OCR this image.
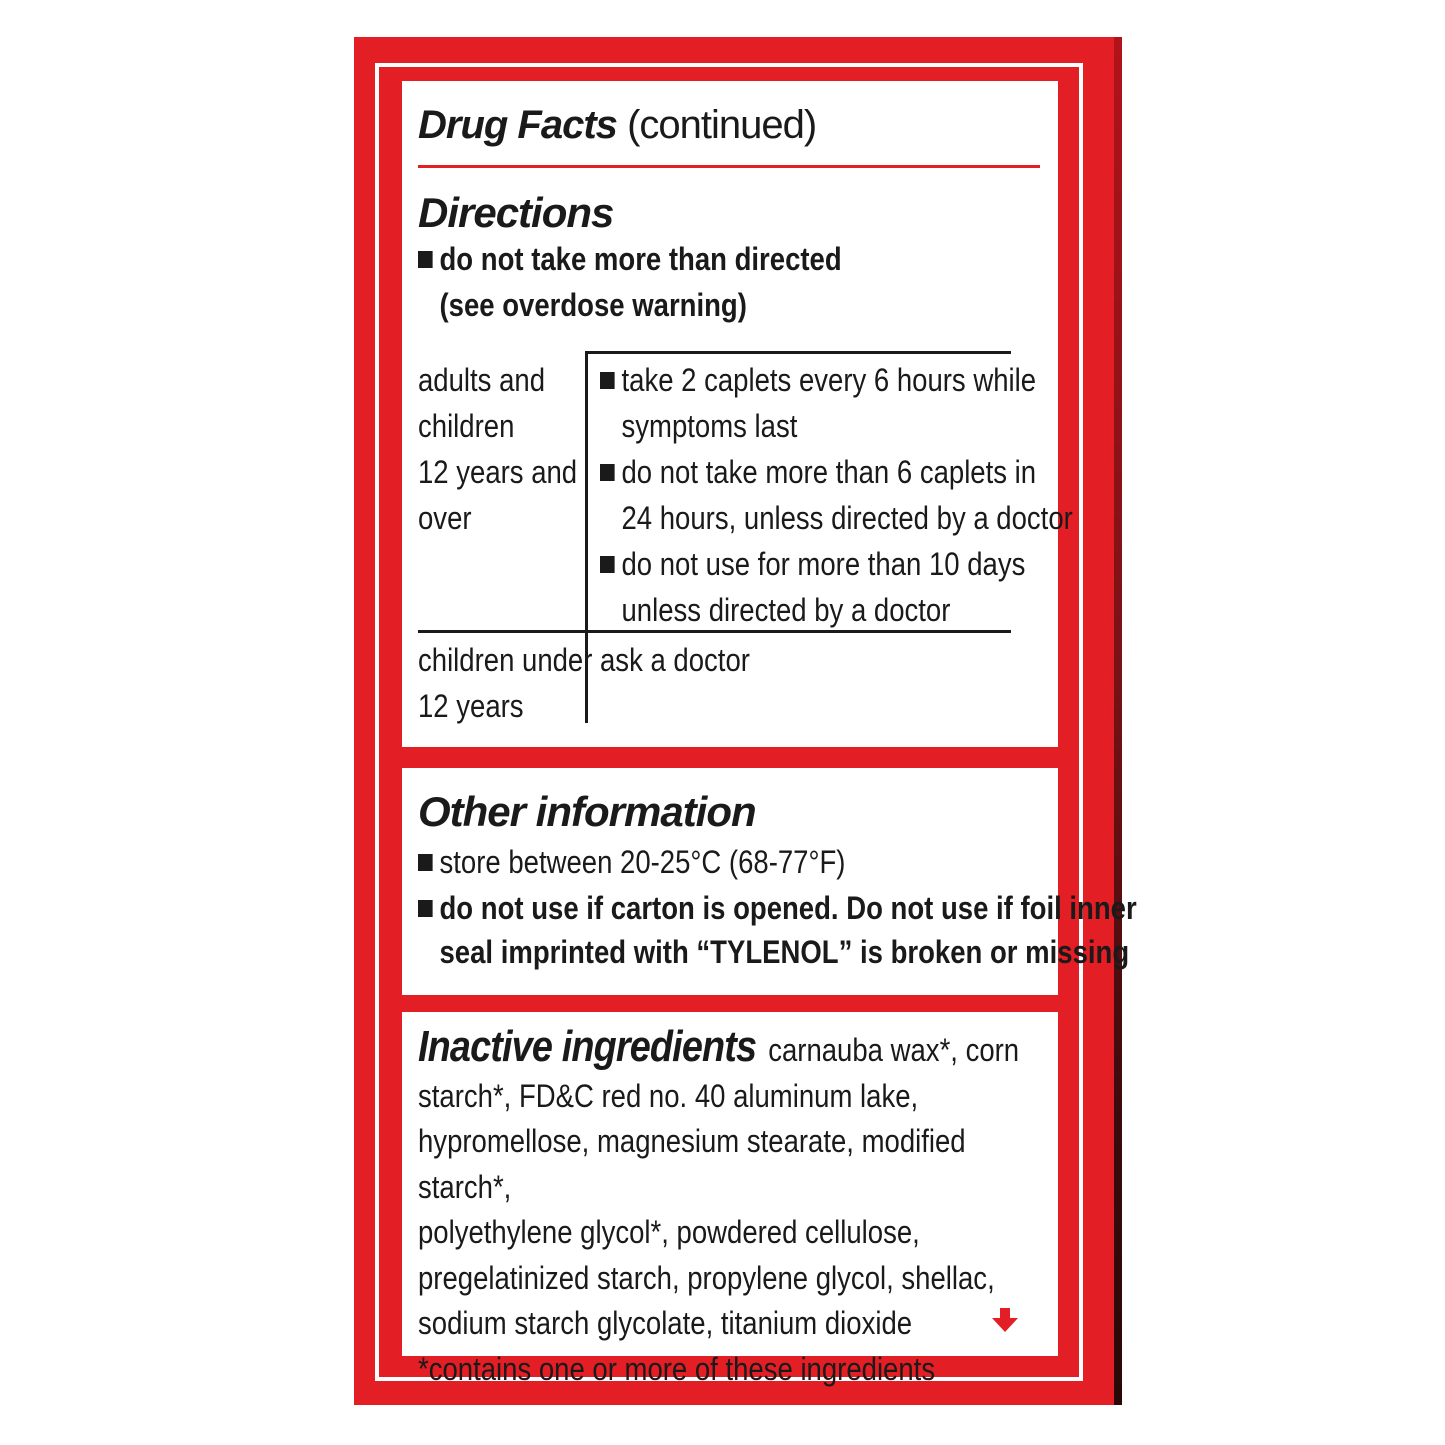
Drug Facts (continued)
Directions
do not take more than directed
(see overdose warning)
adults and
children
12 years and
over
take 2 caplets every 6 hours while
symptoms last
do not take more than 6 caplets in
24 hours, unless directed by a doctor
do not use for more than 10 days
unless directed by a doctor
children under
12 years
ask a doctor
Other information
store between 20-25°C (68-77°F)
do not use if carton is opened. Do not use if foil inner
seal imprinted with “TYLENOL” is broken or missing
Inactive ingredients carnauba wax*, corn
starch*, FD&C red no. 40 aluminum lake,
hypromellose, magnesium stearate, modified starch*,
polyethylene glycol*, powdered cellulose,
pregelatinized starch, propylene glycol, shellac,
sodium starch glycolate, titanium dioxide
*contains one or more of these ingredients
